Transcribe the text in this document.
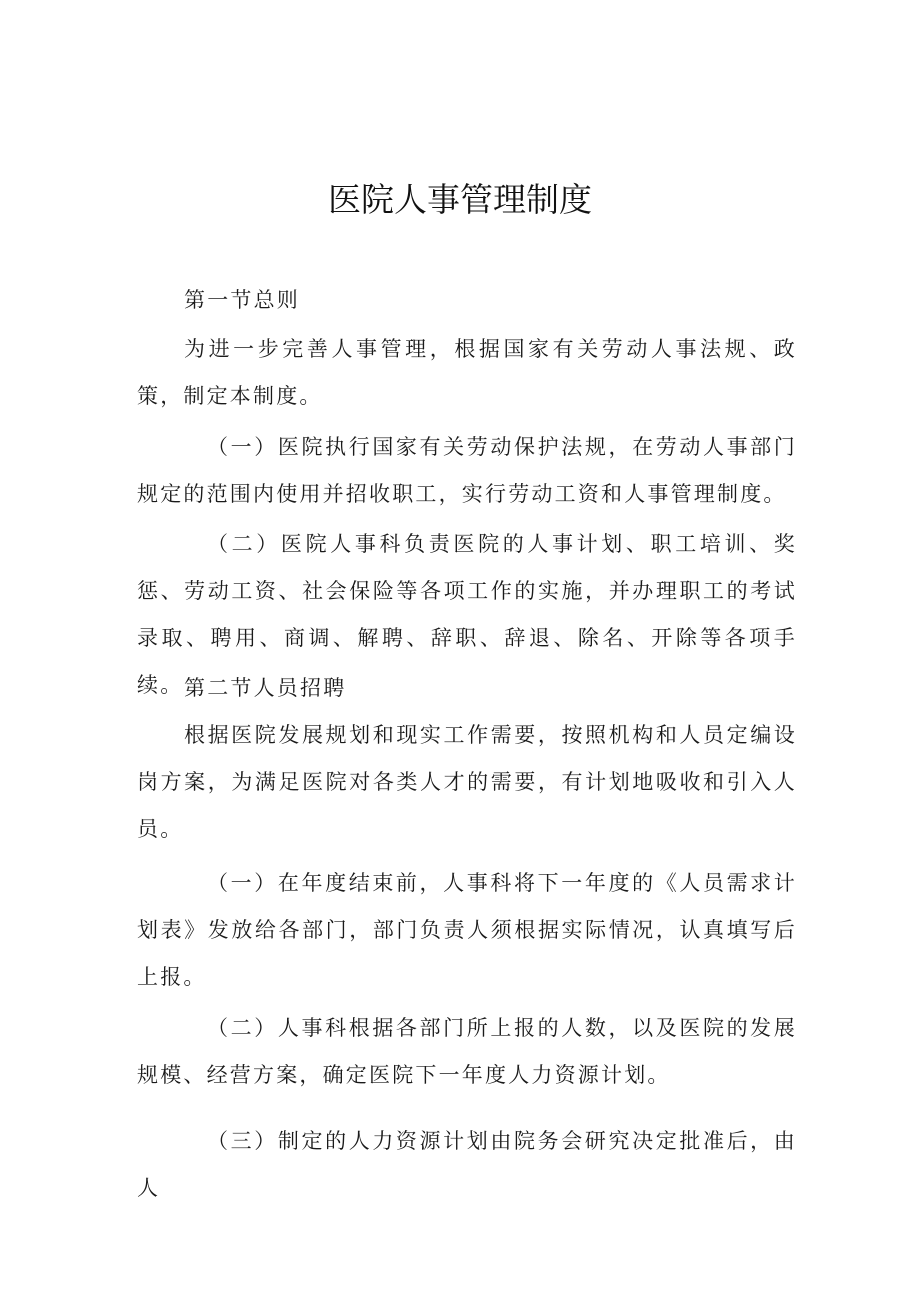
医院人事管理制度

第一节总则

为进一步完善人事管理，根据国家有关劳动人事法规、政策，制定本制度。

（一）医院执行国家有关劳动保护法规，在劳动人事部门规定的范围内使用并招收职工，实行劳动工资和人事管理制度。

（二）医院人事科负责医院的人事计划、职工培训、奖惩、劳动工资、社会保险等各项工作的实施，并办理职工的考试录取、聘用、商调、解聘、辞职、辞退、除名、开除等各项手续。 第二节人员招聘

根据医院发展规划和现实工作需要，按照机构和人员定编设岗方案，为满足医院对各类人才的需要，有计划地吸收和引入人员。

（一）在年度结束前，人事科将下一年度的《人员需求计划表》发放给各部门，部门负责人须根据实际情况，认真填写后上报。

（二）人事科根据各部门所上报的人数，以及医院的发展规模、经营方案，确定医院下一年度人力资源计划。

（三）制定的人力资源计划由院务会研究决定批准后，由人
